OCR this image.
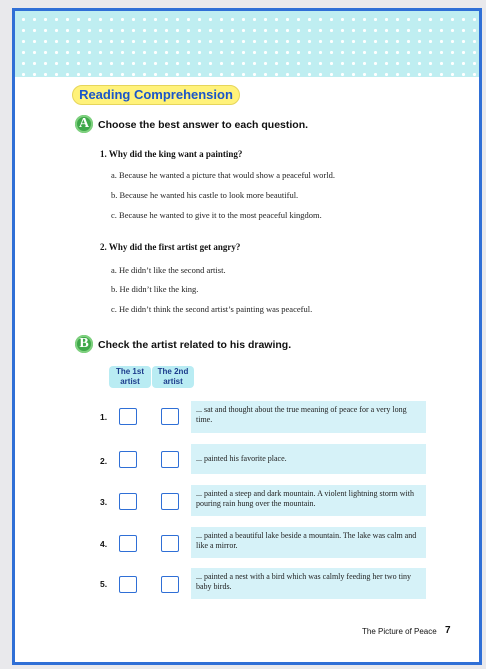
Reading Comprehension
A Choose the best answer to each question.
1. Why did the king want a painting?
a. Because he wanted a picture that would show a peaceful world.
b. Because he wanted his castle to look more beautiful.
c. Because he wanted to give it to the most peaceful kingdom.
2. Why did the first artist get angry?
a. He didn’t like the second artist.
b. He didn’t like the king.
c. He didn’t think the second artist’s painting was peaceful.
B Check the artist related to his drawing.
The 1st artist
The 2nd artist
1.
... sat and thought about the true meaning of peace for a very long time.
2.	... painted his favorite place.
3.
... painted a steep and dark mountain. A violent lightning storm with pouring rain hung over the mountain.
4.
... painted a beautiful lake beside a mountain. The lake was calm and like a mirror.
5.
... painted a nest with a bird which was calmly feeding her two tiny baby birds.
The Picture of Peace 7
